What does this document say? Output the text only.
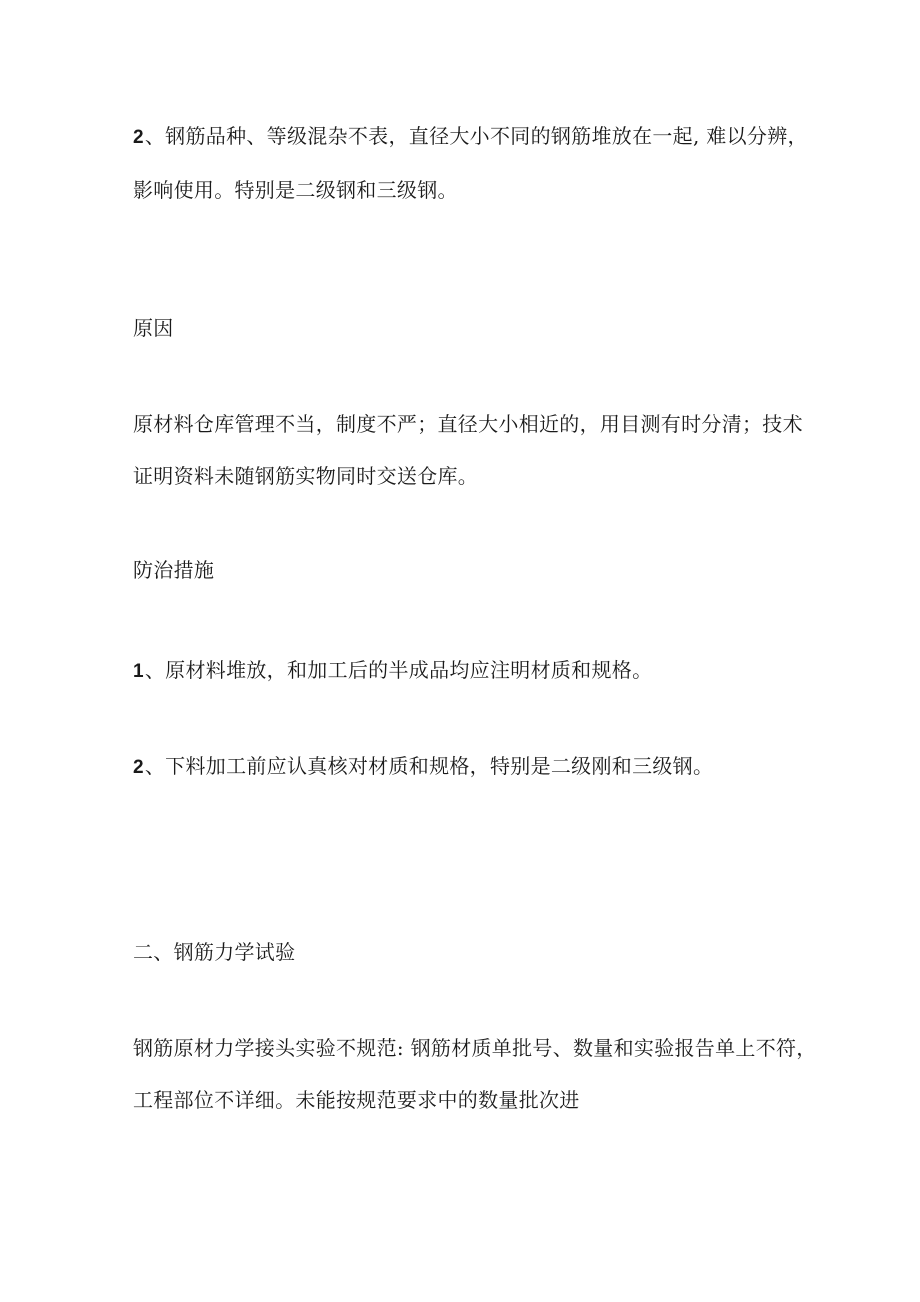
2、钢筋品种、等级混杂不表，直径大小不同的钢筋堆放在一起, 难以分辨，
影响使用。特别是二级钢和三级钢。

原因

原材料仓库管理不当，制度不严；直径大小相近的，用目测有时分清；技术
证明资料未随钢筋实物同时交送仓库。

防治措施

1、原材料堆放，和加工后的半成品均应注明材质和规格。

2、下料加工前应认真核对材质和规格，特别是二级刚和三级钢。

二、钢筋力学试验

钢筋原材力学接头实验不规范: 钢筋材质单批号、数量和实验报告单上不符，
工程部位不详细。未能按规范要求中的数量批次进
